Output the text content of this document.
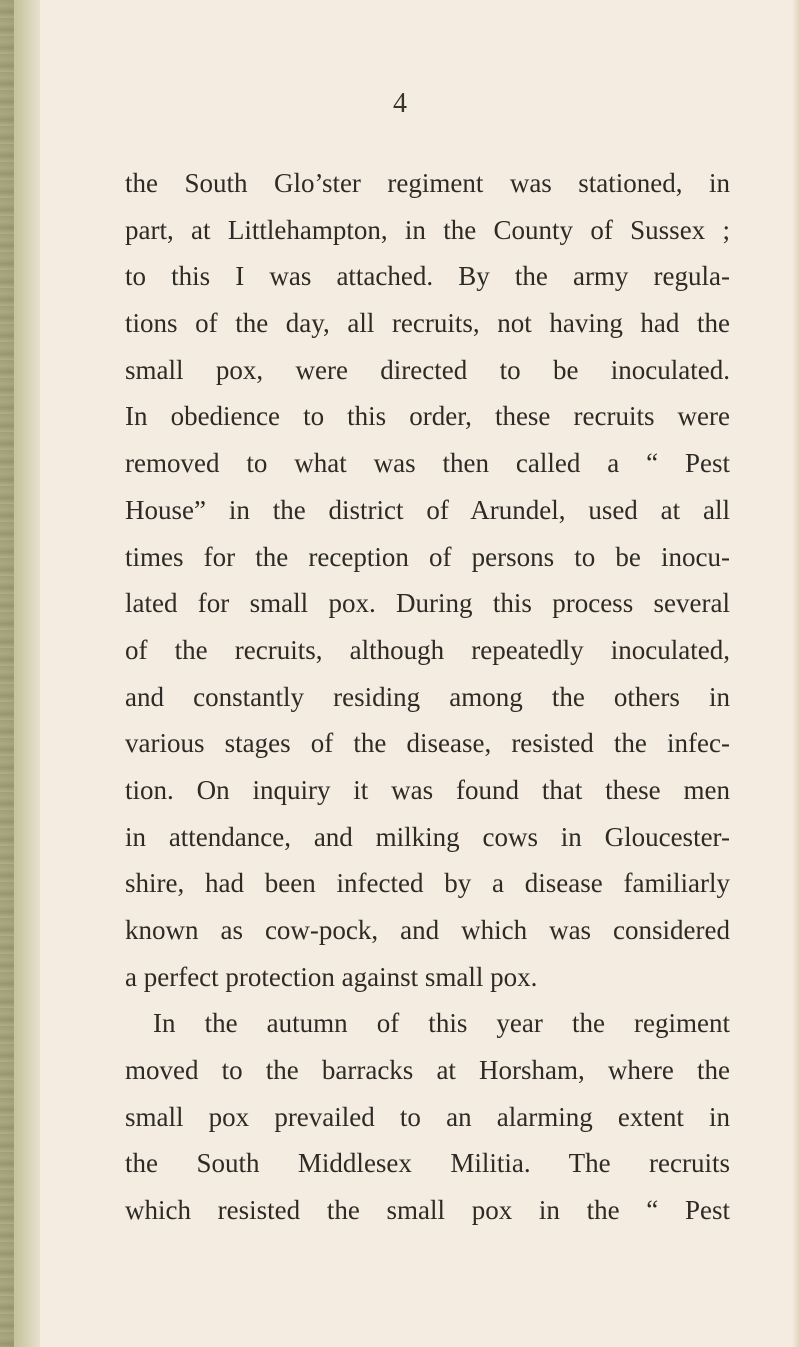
4
the South Glo’ster regiment was stationed, in
part, at Littlehampton, in the County of Sussex ;
to this I was attached. By the army regula-
tions of the day, all recruits, not having had the
small pox, were directed to be inoculated.
In obedience to this order, these recruits were
removed to what was then called a “ Pest
House” in the district of Arundel, used at all
times for the reception of persons to be inocu-
lated for small pox. During this process several
of the recruits, although repeatedly inoculated,
and constantly residing among the others in
various stages of the disease, resisted the infec-
tion. On inquiry it was found that these men
in attendance, and milking cows in Gloucester-
shire, had been infected by a disease familiarly
known as cow-pock, and which was considered
a perfect protection against small pox.
In the autumn of this year the regiment
moved to the barracks at Horsham, where the
small pox prevailed to an alarming extent in
the South Middlesex Militia. The recruits
which resisted the small pox in the “ Pest
